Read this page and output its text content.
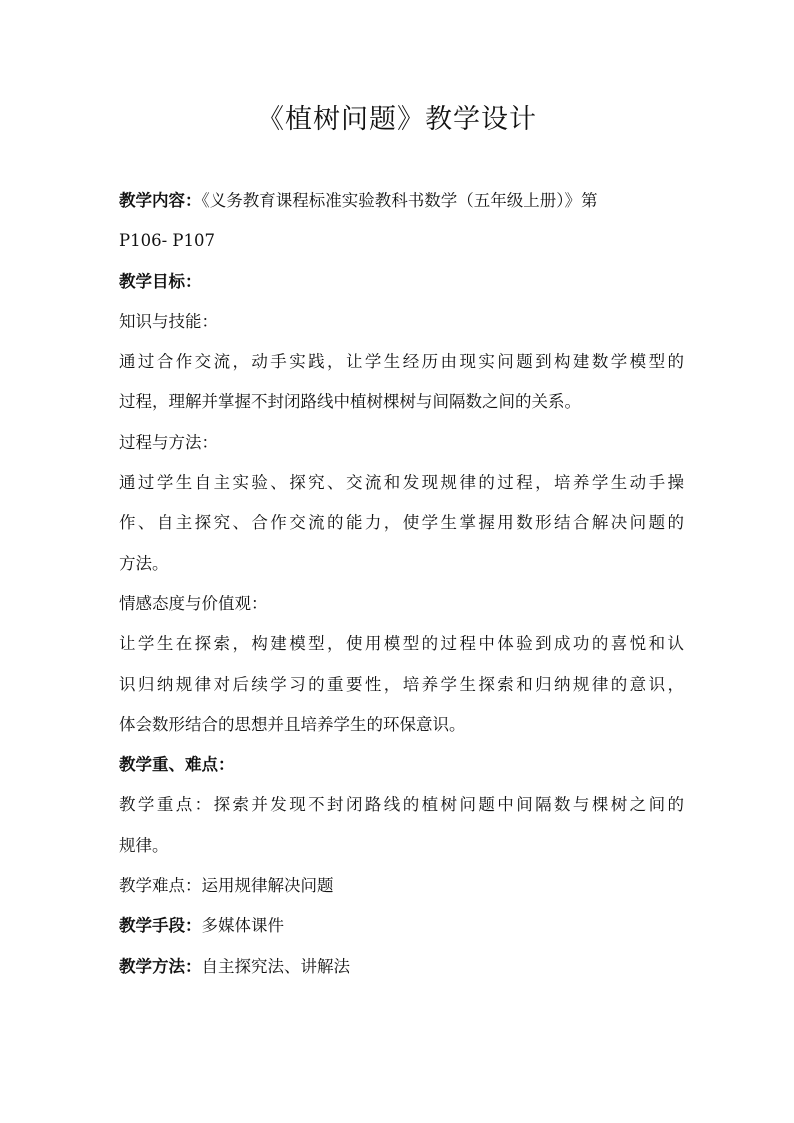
《植树问题》教学设计
教学内容：《义务教育课程标准实验教科书数学（五年级上册）》第
P106- P107
教学目标：
知识与技能：
通过合作交流，动手实践，让学生经历由现实问题到构建数学模型的
过程，理解并掌握不封闭路线中植树棵树与间隔数之间的关系。
过程与方法：
通过学生自主实验、探究、交流和发现规律的过程，培养学生动手操
作、自主探究、合作交流的能力，使学生掌握用数形结合解决问题的
方法。
情感态度与价值观：
让学生在探索，构建模型，使用模型的过程中体验到成功的喜悦和认
识归纳规律对后续学习的重要性，培养学生探索和归纳规律的意识，
体会数形结合的思想并且培养学生的环保意识。
教学重、难点：
教学重点：探索并发现不封闭路线的植树问题中间隔数与棵树之间的
规律。
教学难点：运用规律解决问题
教学手段：多媒体课件
教学方法：自主探究法、讲解法
